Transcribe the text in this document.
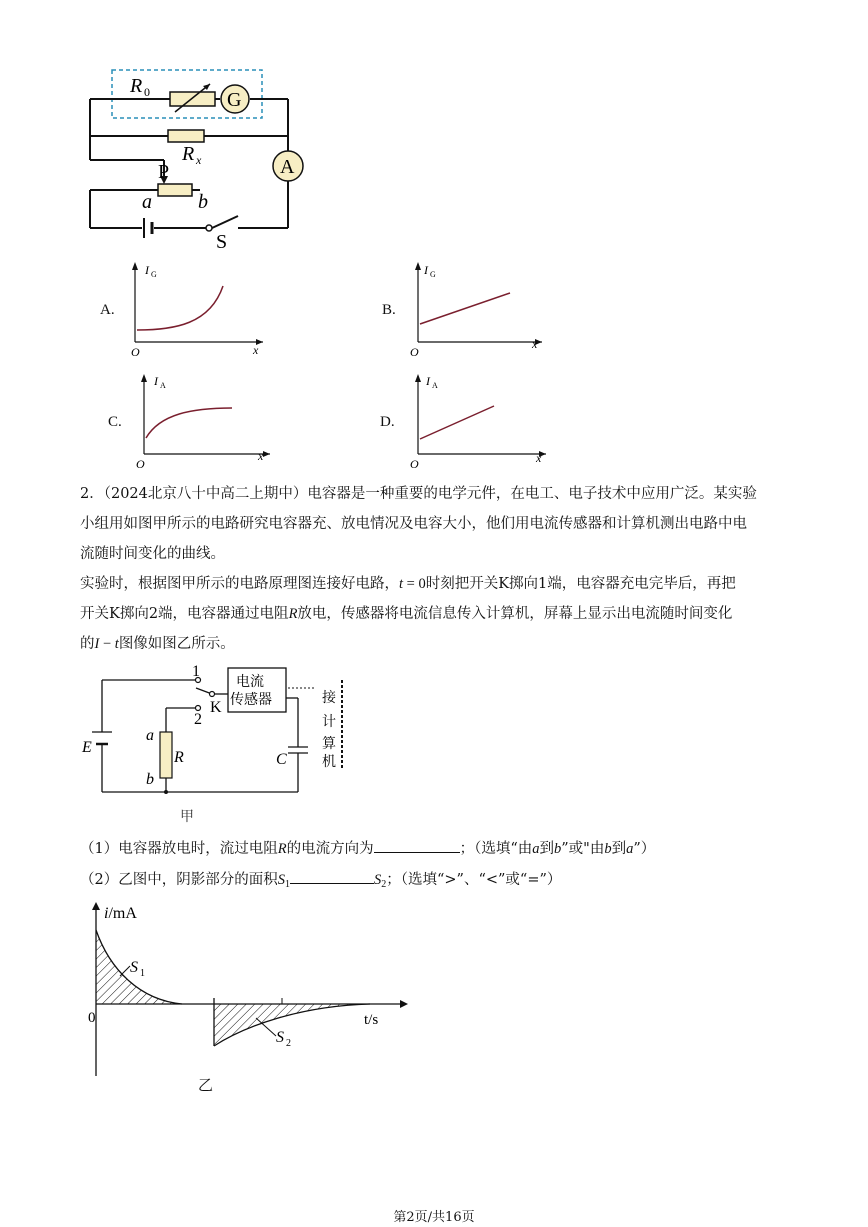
G
R 0
R x	A
P
a b
S
A.
I G
x
O
B.
I G
x
O
C.
I A
x
O
D.
I A
x
O
2．（2024北京八十中高二上期中）电容器是一种重要的电学元件，在电工、电子技术中应用广泛。某实验
小组用如图甲所示的电路研究电容器充、放电情况及电容大小，他们用电流传感器和计算机测出电路中电
流随时间变化的曲线。
实验时，根据图甲所示的电路原理图连接好电路，t = 0时刻把开关K掷向1端，电容器充电完毕后，再把
开关K掷向2端，电容器通过电阻R放电，传感器将电流信息传入计算机，屏幕上显示出电流随时间变化
的I − t图像如图乙所示。
1
2
K
电流
传感器	接
计
算
机
E
a
R
b
C
甲
（1）电容器放电时，流过电阻R的电流方向为	；（选填“由a到b”或"由b到a”）
（2）乙图中，阴影部分的面积$S_1$	$S_2$；（选填“>”、“<”或“=”）
i/mA
0	t/s
S 1
S 2
乙
第2页/共16页
